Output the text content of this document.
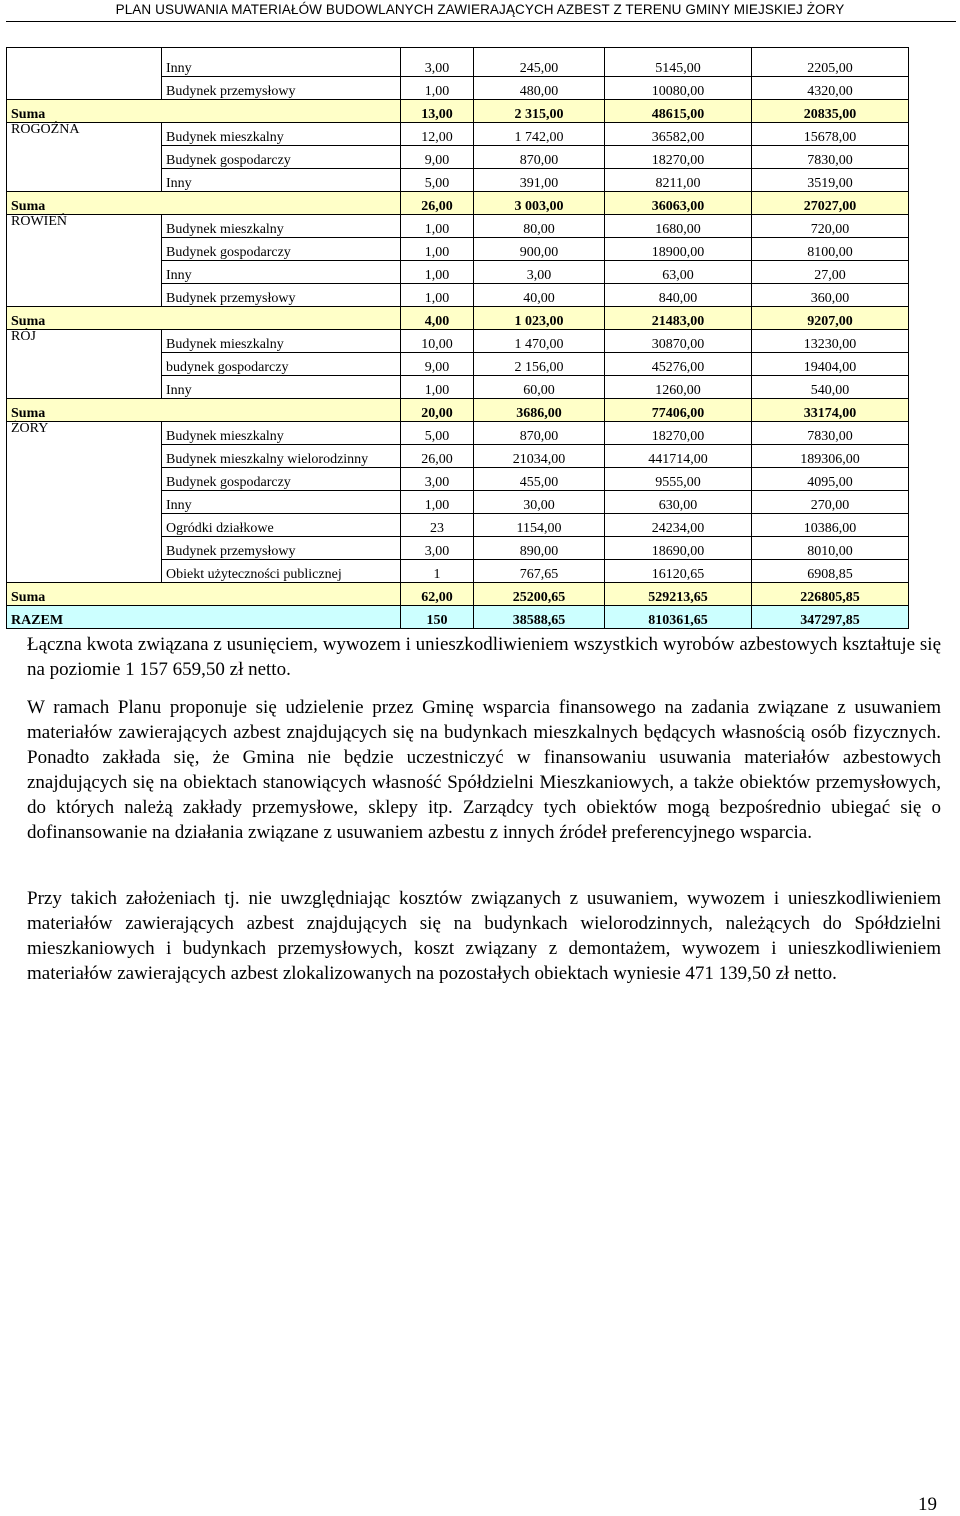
PLAN USUWANIA MATERIAŁÓW BUDOWLANYCH ZAWIERAJĄCYCH AZBEST Z TERENU GMINY MIEJSKIEJ ŻORY
	Inny	3,00	245,00	5145,00	2205,00
	Budynek przemysłowy	1,00	480,00	10080,00	4320,00
Suma		13,00	2 315,00	48615,00	20835,00
ROGOŹNA	Budynek mieszkalny	12,00	1 742,00	36582,00	15678,00
	Budynek gospodarczy	9,00	870,00	18270,00	7830,00
	Inny	5,00	391,00	8211,00	3519,00
Suma		26,00	3 003,00	36063,00	27027,00
ROWIEŃ	Budynek mieszkalny	1,00	80,00	1680,00	720,00
	Budynek gospodarczy	1,00	900,00	18900,00	8100,00
	Inny	1,00	3,00	63,00	27,00
	Budynek przemysłowy	1,00	40,00	840,00	360,00
Suma		4,00	1 023,00	21483,00	9207,00
RÓJ	Budynek mieszkalny	10,00	1 470,00	30870,00	13230,00
	budynek gospodarczy	9,00	2 156,00	45276,00	19404,00
	Inny	1,00	60,00	1260,00	540,00
Suma		20,00	3686,00	77406,00	33174,00
ŻORY	Budynek mieszkalny	5,00	870,00	18270,00	7830,00
	Budynek mieszkalny wielorodzinny	26,00	21034,00	441714,00	189306,00
	Budynek gospodarczy	3,00	455,00	9555,00	4095,00
	Inny	1,00	30,00	630,00	270,00
	Ogródki działkowe	23	1154,00	24234,00	10386,00
	Budynek przemysłowy	3,00	890,00	18690,00	8010,00
	Obiekt użyteczności publicznej	1	767,65	16120,65	6908,85
Suma		62,00	25200,65	529213,65	226805,85
RAZEM		150	38588,65	810361,65	347297,85

Łączna kwota związana z usunięciem, wywozem i unieszkodliwieniem wszystkich wyrobów azbestowych kształtuje się na poziomie 1 157 659,50 zł netto.

W ramach Planu proponuje się udzielenie przez Gminę wsparcia finansowego na zadania związane z usuwaniem materiałów zawierających azbest znajdujących się na budynkach mieszkalnych będących własnością osób fizycznych. Ponadto zakłada się, że Gmina nie będzie uczestniczyć w finansowaniu usuwania materiałów azbestowych znajdujących się na obiektach stanowiących własność Spółdzielni Mieszkaniowych, a także obiektów przemysłowych, do których należą zakłady przemysłowe, sklepy itp. Zarządcy tych obiektów mogą bezpośrednio ubiegać się o dofinansowanie na działania związane z usuwaniem azbestu z innych źródeł preferencyjnego wsparcia.

Przy takich założeniach tj. nie uwzględniając kosztów związanych z usuwaniem, wywozem i unieszkodliwieniem materiałów zawierających azbest znajdujących się na budynkach wielorodzinnych, należących do Spółdzielni mieszkaniowych i budynkach przemysłowych, koszt związany z demontażem, wywozem i unieszkodliwieniem materiałów zawierających azbest zlokalizowanych na pozostałych obiektach wyniesie 471 139,50 zł netto.

19
